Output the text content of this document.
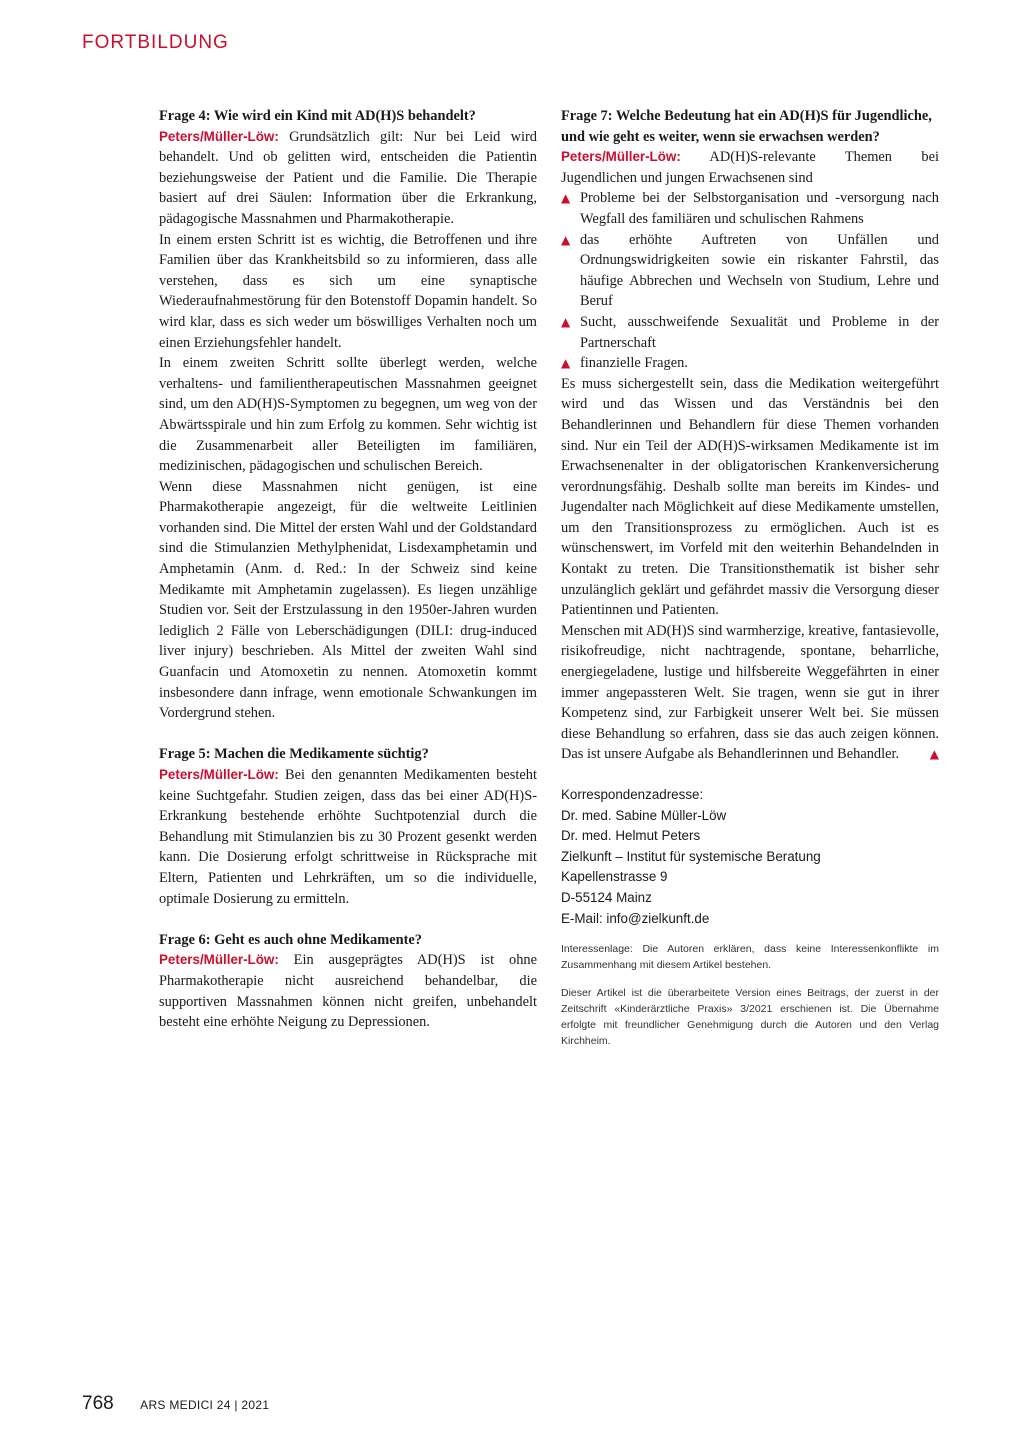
FORTBILDUNG

Frage 4: Wie wird ein Kind mit AD(H)S behandelt?

Peters/Müller-Löw: Grundsätzlich gilt: Nur bei Leid wird behandelt. Und ob gelitten wird, entscheiden die Patientin beziehungsweise der Patient und die Familie. Die Therapie basiert auf drei Säulen: Information über die Erkrankung, pädagogische Massnahmen und Pharmakotherapie.

In einem ersten Schritt ist es wichtig, die Betroffenen und ihre Familien über das Krankheitsbild so zu informieren, dass alle verstehen, dass es sich um eine synaptische Wiederaufnahmestörung für den Botenstoff Dopamin handelt. So wird klar, dass es sich weder um böswilliges Verhalten noch um einen Erziehungsfehler handelt.

In einem zweiten Schritt sollte überlegt werden, welche verhaltens- und familientherapeutischen Massnahmen geeignet sind, um den AD(H)S-Symptomen zu begegnen, um weg von der Abwärtsspirale und hin zum Erfolg zu kommen. Sehr wichtig ist die Zusammenarbeit aller Beteiligten im familiären, medizinischen, pädagogischen und schulischen Bereich.

Wenn diese Massnahmen nicht genügen, ist eine Pharmakotherapie angezeigt, für die weltweite Leitlinien vorhanden sind. Die Mittel der ersten Wahl und der Goldstandard sind die Stimulanzien Methylphenidat, Lisdexamphetamin und Amphetamin (Anm. d. Red.: In der Schweiz sind keine Medikamte mit Amphetamin zugelassen). Es liegen unzählige Studien vor. Seit der Erstzulassung in den 1950er-Jahren wurden lediglich 2 Fälle von Leberschädigungen (DILI: drug-induced liver injury) beschrieben. Als Mittel der zweiten Wahl sind Guanfacin und Atomoxetin zu nennen. Atomoxetin kommt insbesondere dann infrage, wenn emotionale Schwankungen im Vordergrund stehen.

Frage 5: Machen die Medikamente süchtig?

Peters/Müller-Löw: Bei den genannten Medikamenten besteht keine Suchtgefahr. Studien zeigen, dass das bei einer AD(H)S-Erkrankung bestehende erhöhte Suchtpotenzial durch die Behandlung mit Stimulanzien bis zu 30 Prozent gesenkt werden kann. Die Dosierung erfolgt schrittweise in Rücksprache mit Eltern, Patienten und Lehrkräften, um so die individuelle, optimale Dosierung zu ermitteln.

Frage 6: Geht es auch ohne Medikamente?

Peters/Müller-Löw: Ein ausgeprägtes AD(H)S ist ohne Pharmakotherapie nicht ausreichend behandelbar, die supportiven Massnahmen können nicht greifen, unbehandelt besteht eine erhöhte Neigung zu Depressionen.

Frage 7: Welche Bedeutung hat ein AD(H)S für Jugendliche, und wie geht es weiter, wenn sie erwachsen werden?

Peters/Müller-Löw: AD(H)S-relevante Themen bei Jugendlichen und jungen Erwachsenen sind

▲ Probleme bei der Selbstorganisation und -versorgung nach Wegfall des familiären und schulischen Rahmens
▲ das erhöhte Auftreten von Unfällen und Ordnungswidrigkeiten sowie ein riskanter Fahrstil, das häufige Abbrechen und Wechseln von Studium, Lehre und Beruf
▲ Sucht, ausschweifende Sexualität und Probleme in der Partnerschaft
▲ finanzielle Fragen.

Es muss sichergestellt sein, dass die Medikation weitergeführt wird und das Wissen und das Verständnis bei den Behandlerinnen und Behandlern für diese Themen vorhanden sind. Nur ein Teil der AD(H)S-wirksamen Medikamente ist im Erwachsenenalter in der obligatorischen Krankenversicherung verordnungsfähig. Deshalb sollte man bereits im Kindes- und Jugendalter nach Möglichkeit auf diese Medikamente umstellen, um den Transitionsprozess zu ermöglichen. Auch ist es wünschenswert, im Vorfeld mit den weiterhin Behandelnden in Kontakt zu treten. Die Transitionsthematik ist bisher sehr unzulänglich geklärt und gefährdet massiv die Versorgung dieser Patientinnen und Patienten.

Menschen mit AD(H)S sind warmherzige, kreative, fantasievolle, risikofreudige, nicht nachtragende, spontane, beharrliche, energiegeladene, lustige und hilfsbereite Weggefährten in einer immer angepassteren Welt. Sie tragen, wenn sie gut in ihrer Kompetenz sind, zur Farbigkeit unserer Welt bei. Sie müssen diese Behandlung so erfahren, dass sie das auch zeigen können. Das ist unsere Aufgabe als Behandlerinnen und Behandler.	▲

Korrespondenzadresse:
Dr. med. Sabine Müller-Löw
Dr. med. Helmut Peters
Zielkunft – Institut für systemische Beratung
Kapellenstrasse 9
D-55124 Mainz
E-Mail: info@zielkunft.de
Interessenlage: Die Autoren erklären, dass keine Interessenkonflikte im Zusammenhang mit diesem Artikel bestehen.
Dieser Artikel ist die überarbeitete Version eines Beitrags, der zuerst in der Zeitschrift «Kinderärztliche Praxis» 3/2021 erschienen ist. Die Übernahme erfolgte mit freundlicher Genehmigung durch die Autoren und den Verlag Kirchheim.
768 ARS MEDICI 24 | 2021
